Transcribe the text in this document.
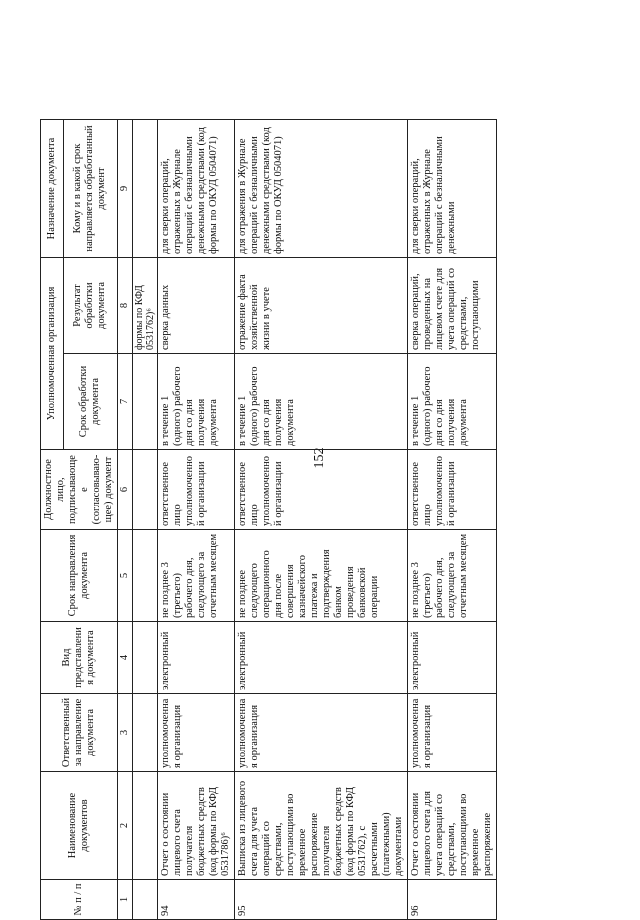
152
№ п / п	Наименование документов	Ответственный за направление документа	Вид представления документа	Срок направления документа	Должностное лицо, подписывающее (согласовываю-щее) документ	Уполномоченная организация		Назначение документа
						Срок обработки документа	Результат обработки документа	Кому и в какой срок направляется обработанный документ
1	2	3	4	5	6	7	8	9
							формы по КФД 0531762)⁶	
94	Отчет о состоянии лицевого счета получателя бюджетных средств (код формы по КФД 0531786)⁶	уполномоченная организация	электронный	не позднее 3 (третьего) рабочего дня, следующего за отчетным месяцем	ответственное лицо уполномоченной организации	в течение 1 (одного) рабочего дня со дня получения документа	сверка данных	для сверки операций, отраженных в Журнале операций с безналичными денежными средствами (код формы по ОКУД 0504071)
95	Выписка из лицевого счета для учета операций со средствами, поступающими во временное распоряжение получателя бюджетных средств (код формы по КФД 0531762), с расчетными (платежными) документами	уполномоченная организация	электронный	не позднее следующего операционного дня после совершения казначейского платежа и подтверждения банком проведения банковской операции	ответственное лицо уполномоченной организации	в течение 1 (одного) рабочего дня со дня получения документа	отражение факта хозяйственной жизни в учете	для отражения в Журнале операций с безналичными денежными средствами (код формы по ОКУД 0504071)
96	Отчет о состоянии лицевого счета для учета операций со средствами, поступающими во временное распоряжение	уполномоченная организация	электронный	не позднее 3 (третьего) рабочего дня, следующего за отчетным месяцем	ответственное лицо уполномоченной организации	в течение 1 (одного) рабочего дня со дня получения документа	сверка операций, проведенных на лицевом счете для учета операций со средствами, поступающими	для сверки операций, отраженных в Журнале операций с безналичными денежными
